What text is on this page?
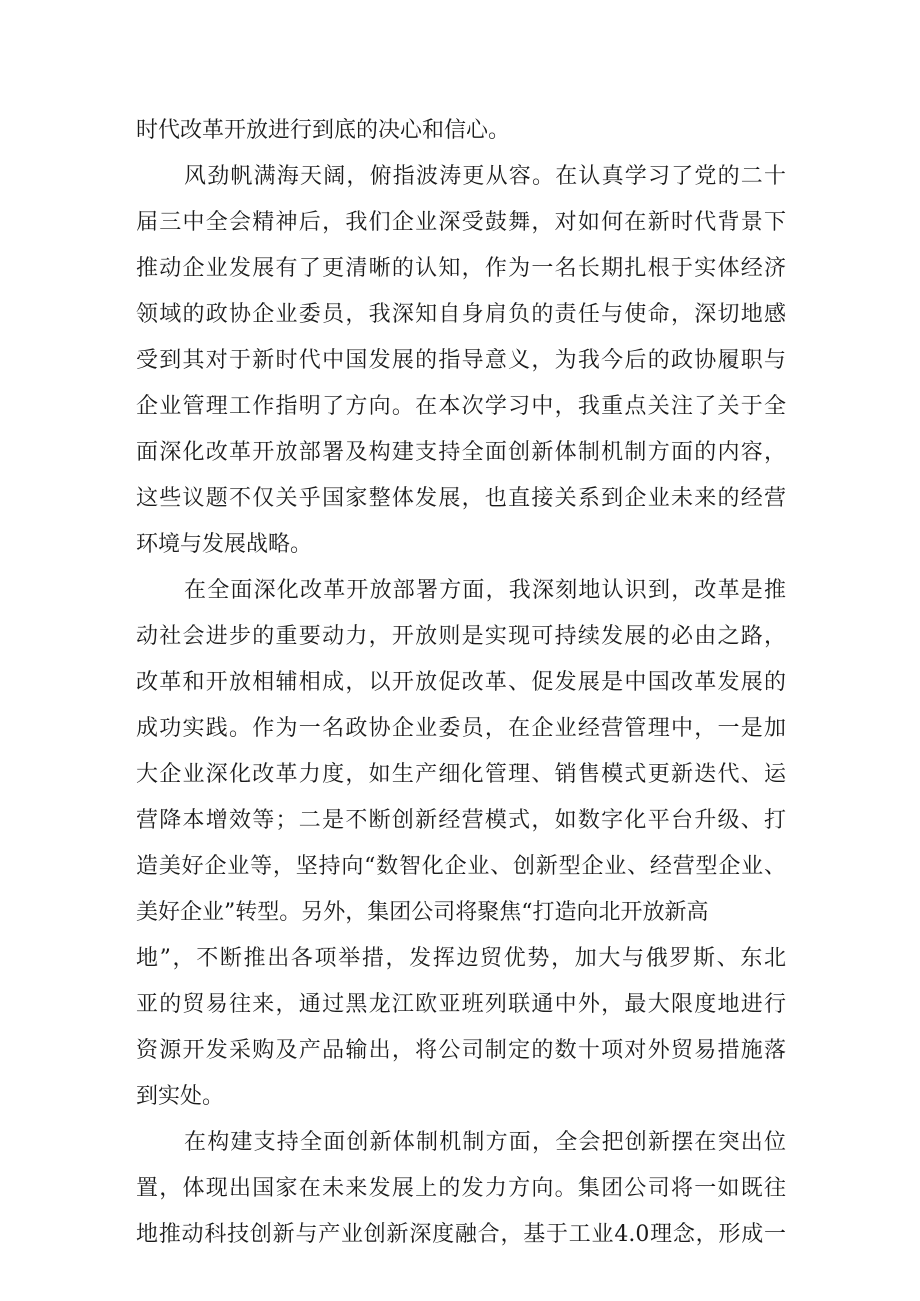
时代改革开放进行到底的决心和信心。
风劲帆满海天阔，俯指波涛更从容。在认真学习了党的二十
届三中全会精神后，我们企业深受鼓舞，对如何在新时代背景下
推动企业发展有了更清晰的认知，作为一名长期扎根于实体经济
领域的政协企业委员，我深知自身肩负的责任与使命，深切地感
受到其对于新时代中国发展的指导意义，为我今后的政协履职与
企业管理工作指明了方向。在本次学习中，我重点关注了关于全
面深化改革开放部署及构建支持全面创新体制机制方面的内容，
这些议题不仅关乎国家整体发展，也直接关系到企业未来的经营
环境与发展战略。
在全面深化改革开放部署方面，我深刻地认识到，改革是推
动社会进步的重要动力，开放则是实现可持续发展的必由之路，
改革和开放相辅相成，以开放促改革、促发展是中国改革发展的
成功实践。作为一名政协企业委员，在企业经营管理中，一是加
大企业深化改革力度，如生产细化管理、销售模式更新迭代、运
营降本增效等；二是不断创新经营模式，如数字化平台升级、打
造美好企业等，坚持向“数智化企业、创新型企业、经营型企业、
美好企业”转型。另外，集团公司将聚焦“打造向北开放新高
地”，不断推出各项举措，发挥边贸优势，加大与俄罗斯、东北
亚的贸易往来，通过黑龙江欧亚班列联通中外，最大限度地进行
资源开发采购及产品输出，将公司制定的数十项对外贸易措施落
到实处。
在构建支持全面创新体制机制方面，全会把创新摆在突出位
置，体现出国家在未来发展上的发力方向。集团公司将一如既往
地推动科技创新与产业创新深度融合，基于工业4.0理念，形成一
